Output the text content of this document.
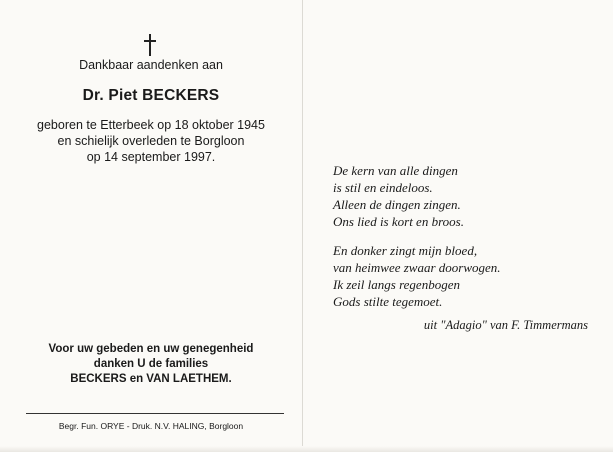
Dankbaar aandenken aan
Dr. Piet BECKERS
geboren te Etterbeek op 18 oktober 1945
en schielijk overleden te Borgloon
op 14 september 1997.
Voor uw gebeden en uw genegenheid
danken U de families
BECKERS en VAN LAETHEM.
Begr. Fun. ORYE - Druk. N.V. HALING, Borgloon
De kern van alle dingen
is stil en eindeloos.
Alleen de dingen zingen.
Ons lied is kort en broos.
En donker zingt mijn bloed,
van heimwee zwaar doorwogen.
Ik zeil langs regenbogen
Gods stilte tegemoet.
uit "Adagio" van F. Timmermans
